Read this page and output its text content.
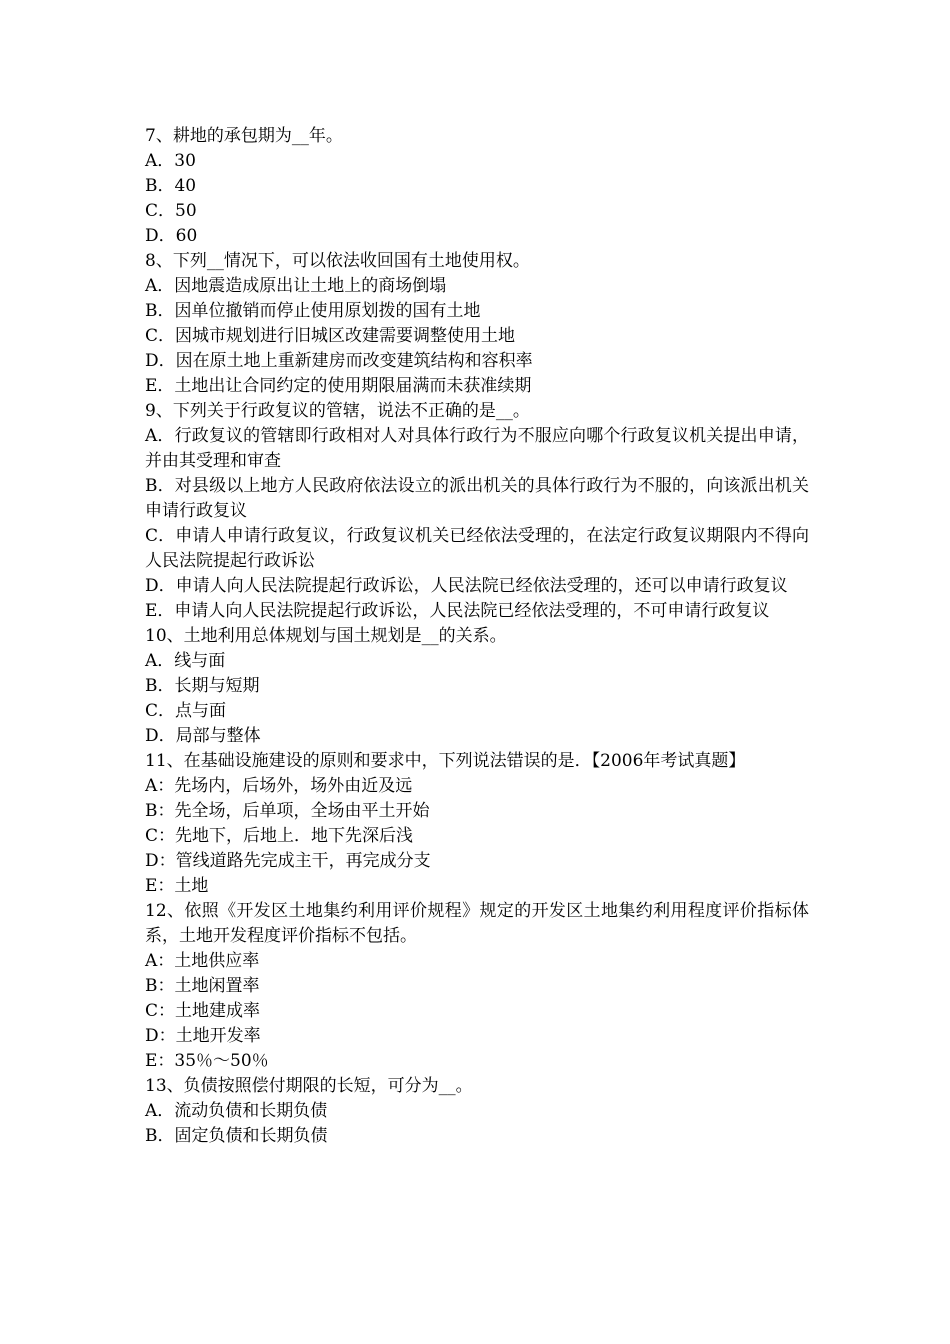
7、耕地的承包期为__年。
A．30
B．40
C．50
D．60
8、下列__情况下，可以依法收回国有土地使用权。
A．因地震造成原出让土地上的商场倒塌
B．因单位撤销而停止使用原划拨的国有土地
C．因城市规划进行旧城区改建需要调整使用土地
D．因在原土地上重新建房而改变建筑结构和容积率
E．土地出让合同约定的使用期限届满而未获准续期
9、下列关于行政复议的管辖，说法不正确的是__。
A．行政复议的管辖即行政相对人对具体行政行为不服应向哪个行政复议机关提出申请，并由其受理和审查
B．对县级以上地方人民政府依法设立的派出机关的具体行政行为不服的，向该派出机关申请行政复议
C．申请人申请行政复议，行政复议机关已经依法受理的，在法定行政复议期限内不得向人民法院提起行政诉讼
D．申请人向人民法院提起行政诉讼，人民法院已经依法受理的，还可以申请行政复议
E．申请人向人民法院提起行政诉讼，人民法院已经依法受理的，不可申请行政复议
10、土地利用总体规划与国土规划是__的关系。
A．线与面
B．长期与短期
C．点与面
D．局部与整体
11、在基础设施建设的原则和要求中，下列说法错误的是．【2006年考试真题】
A：先场内，后场外，场外由近及远
B：先全场，后单项，全场由平土开始
C：先地下，后地上．地下先深后浅
D：管线道路先完成主干，再完成分支
E：土地
12、依照《开发区土地集约利用评价规程》规定的开发区土地集约利用程度评价指标体系，土地开发程度评价指标不包括。
A：土地供应率
B：土地闲置率
C：土地建成率
D：土地开发率
E：35％～50％
13、负债按照偿付期限的长短，可分为__。
A．流动负债和长期负债
B．固定负债和长期负债
